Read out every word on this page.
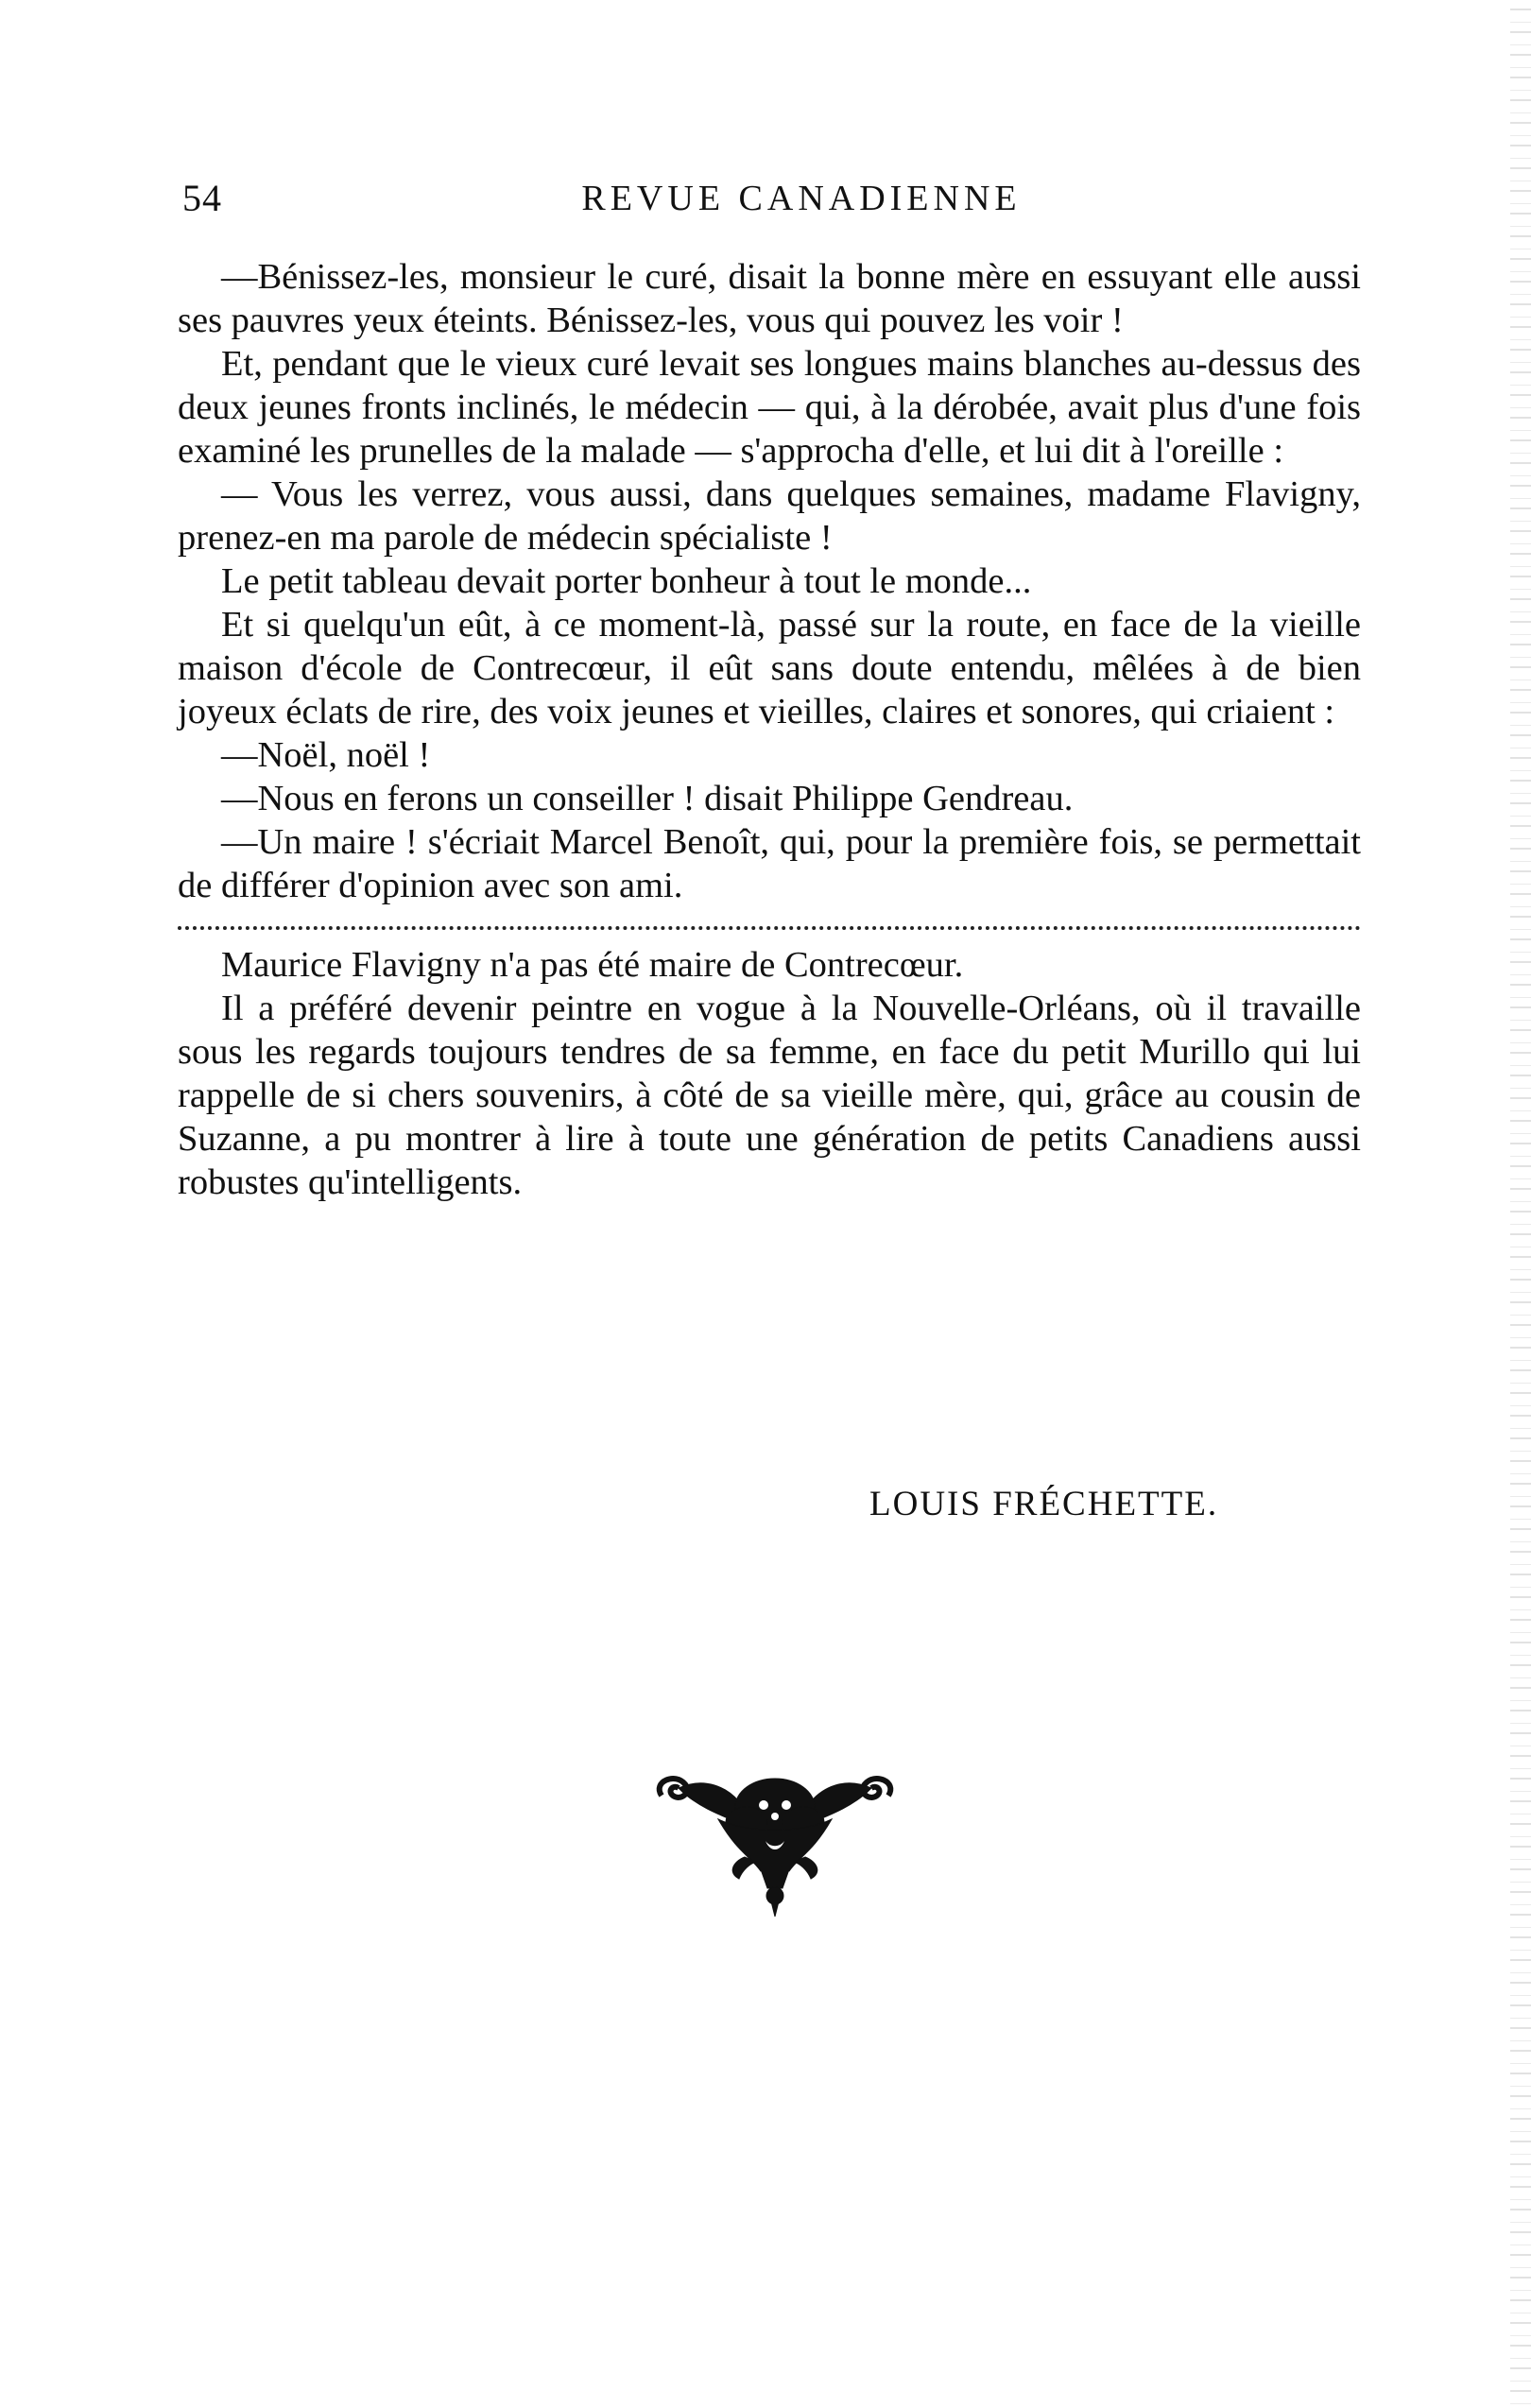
54	REVUE CANADIENNE

—Bénissez-les, monsieur le curé, disait la bonne mère en essuyant elle aussi ses pauvres yeux éteints. Bénissez-les, vous qui pouvez les voir !

Et, pendant que le vieux curé levait ses longues mains blanches au-dessus des deux jeunes fronts inclinés, le médecin — qui, à la dérobée, avait plus d'une fois examiné les prunelles de la malade — s'approcha d'elle, et lui dit à l'oreille :

— Vous les verrez, vous aussi, dans quelques semaines, madame Flavigny, prenez-en ma parole de médecin spécialiste !

Le petit tableau devait porter bonheur à tout le monde...

Et si quelqu'un eût, à ce moment-là, passé sur la route, en face de la vieille maison d'école de Contrecœur, il eût sans doute entendu, mêlées à de bien joyeux éclats de rire, des voix jeunes et vieilles, claires et sonores, qui criaient :

—Noël, noël !

—Nous en ferons un conseiller ! disait Philippe Gendreau.

—Un maire ! s'écriait Marcel Benoît, qui, pour la première fois, se permettait de différer d'opinion avec son ami.

Maurice Flavigny n'a pas été maire de Contrecœur.

Il a préféré devenir peintre en vogue à la Nouvelle-Orléans, où il travaille sous les regards toujours tendres de sa femme, en face du petit Murillo qui lui rappelle de si chers souvenirs, à côté de sa vieille mère, qui, grâce au cousin de Suzanne, a pu montrer à lire à toute une génération de petits Canadiens aussi robustes qu'intelligents.

LOUIS FRÉCHETTE.
